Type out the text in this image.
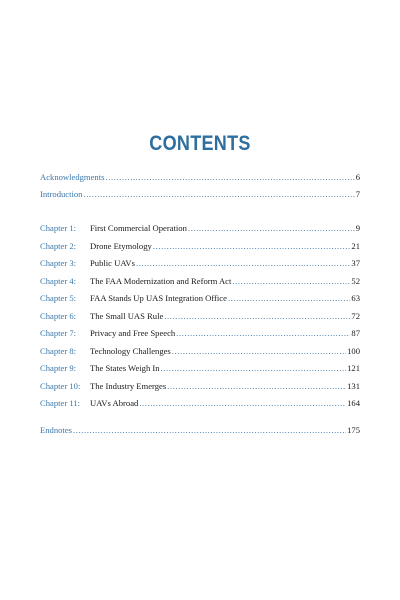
CONTENTS
Acknowledgments .....	6
Introduction .....	7
Chapter 1:	First Commercial Operation .....	9
Chapter 2:	Drone Etymology .....	21
Chapter 3:	Public UAVs .....	37
Chapter 4:	The FAA Modernization and Reform Act .....	52
Chapter 5:	FAA Stands Up UAS Integration Office .....	63
Chapter 6:	The Small UAS Rule .....	72
Chapter 7:	Privacy and Free Speech .....	87
Chapter 8:	Technology Challenges .....	100
Chapter 9:	The States Weigh In .....	121
Chapter 10:	The Industry Emerges .....	131
Chapter 11:	UAVs Abroad .....	164
Endnotes .....	175
